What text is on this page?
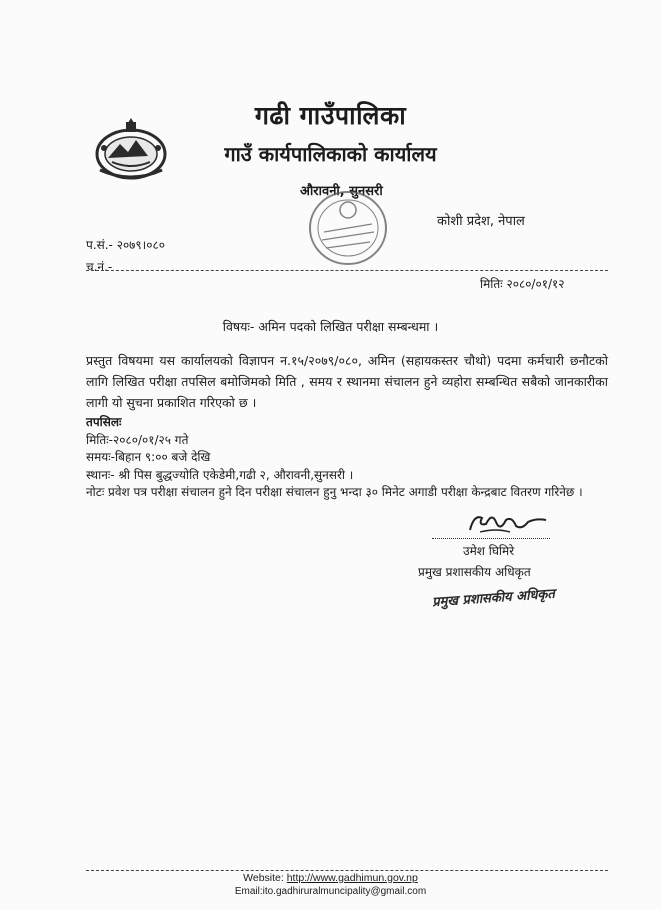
गढी गाउँपालिका
गाउँ कार्यपालिकाको कार्यालय
औरावनी, सुनसरी
कोशी प्रदेश, नेपाल
प.सं.- २०७९।०८०
च.नं.-
मितिः २०८०/०१/१२
विषयः- अमिन पदको लिखित परीक्षा सम्बन्धमा ।
प्रस्तुत विषयमा यस कार्यालयको विज्ञापन न.१५/२०७९/०८०, अमिन (सहायकस्तर चौथो) पदमा कर्मचारी छनौटको लागि लिखित परीक्षा तपसिल बमोजिमको मिति , समय र स्थानमा संचालन हुने व्यहोरा सम्बन्धित सबैको जानकारीका लागी यो सुचना प्रकाशित गरिएको छ ।
तपसिलः
मितिः-२०८०/०१/२५ गते
समयः-बिहान ९:०० बजे देखि
स्थानः- श्री पिस बुद्धज्योति एकेडेमी,गढी २, औरावनी,सुनसरी ।
नोटः प्रवेश पत्र परीक्षा संचालन हुने दिन परीक्षा संचालन हुनु भन्दा ३० मिनेट अगाडी परीक्षा केन्द्रबाट वितरण गरिनेछ ।
उमेश घिमिरे
प्रमुख प्रशासकीय अधिकृत
प्रमुख प्रशासकीय अधिकृत
Website: http://www.gadhimun.gov.np
Email:ito.gadhiruralmuncipality@gmail.com
